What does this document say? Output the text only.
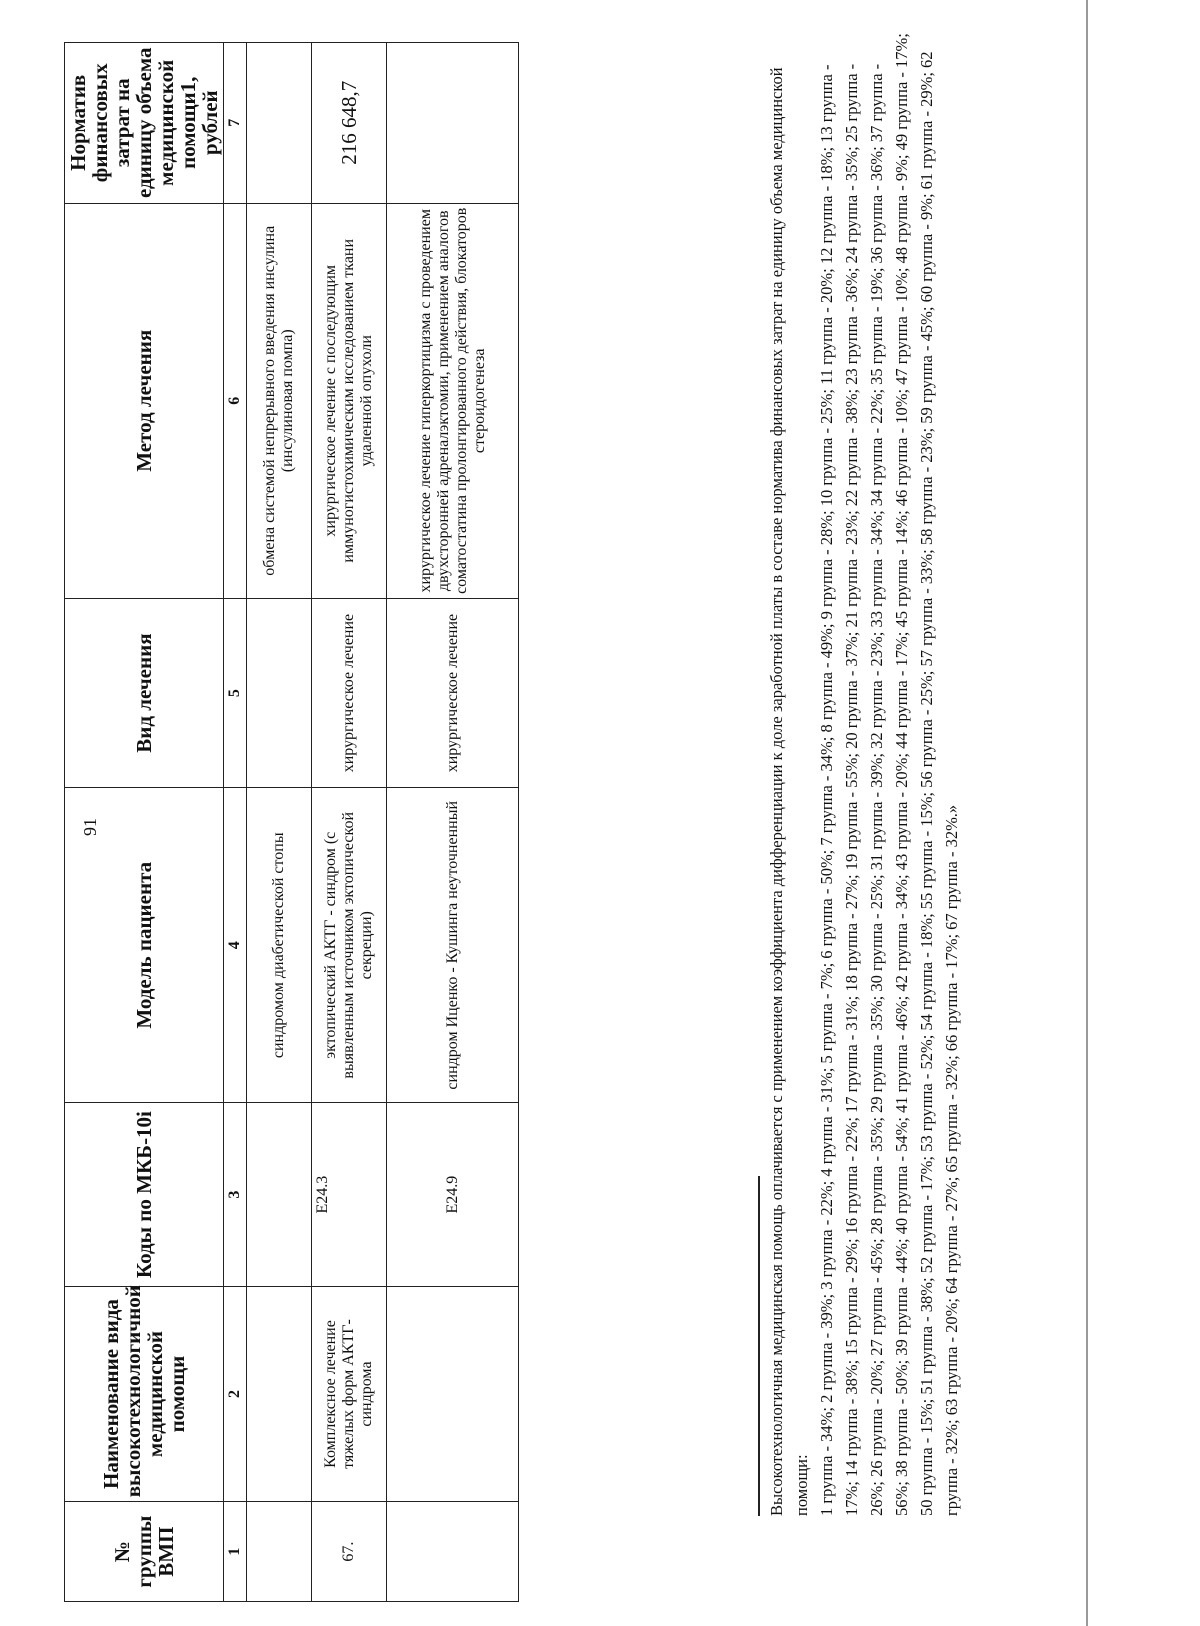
91
№ группы ВМП	Наименование вида высокотехнологичной медицинской помощи	Коды по МКБ-10i	Модель пациента	Вид лечения	Метод лечения	Норматив финансовых затрат на единицу объема медицинской помощи1, рублей
1	2	3	4	5	6	7
			синдромом диабетической стопы		обмена системой непрерывного введения инсулина (инсулиновая помпа)	
67.	Комплексное лечение тяжелых форм АКТГ-синдрома	E24.3	эктопический АКТГ - синдром (с выявленным источником эктопической секреции)	хирургическое лечение	хирургическое лечение с последующим иммуногистохимическим исследованием ткани удаленной опухоли	216 648,7
		E24.9	синдром Иценко - Кушинга неуточненный	хирургическое лечение	хирургическое лечение гиперкортицизма с проведением двухсторонней адреналэктомии, применением аналогов соматостатина пролонгированного действия, блокаторов стероидогенеза		Высокотехнологичная медицинская помощь оплачивается с применением коэффициента дифференциации к доле заработной платы в составе норматива финансовых затрат на единицу объема медицинской помощи: 1 группа - 34%; 2 группа - 39%; 3 группа - 22%; 4 группа - 31%; 5 группа - 7%; 6 группа - 50%; 7 группа - 34%; 8 группа - 49%; 9 группа - 28%; 10 группа - 25%; 11 группа - 20%; 12 группа - 18%; 13 группа - 17%; 14 группа - 38%; 15 группа - 29%; 16 группа - 22%; 17 группа - 31%; 18 группа - 27%; 19 группа - 55%; 20 группа - 37%; 21 группа - 23%; 22 группа - 38%; 23 группа - 36%; 24 группа - 35%; 25 группа - 26%; 26 группа - 20%; 27 группа - 45%; 28 группа - 35%; 29 группа - 35%; 30 группа - 25%; 31 группа - 39%; 32 группа - 23%; 33 группа - 34%; 34 группа - 22%; 35 группа - 19%; 36 группа - 36%; 37 группа - 56%; 38 группа - 50%; 39 группа - 44%; 40 группа - 54%; 41 группа - 46%; 42 группа - 34%; 43 группа - 20%; 44 группа - 17%; 45 группа - 14%; 46 группа - 10%; 47 группа - 10%; 48 группа - 9%; 49 группа - 17%; 50 группа - 15%; 51 группа - 38%; 52 группа - 17%; 53 группа - 52%; 54 группа - 18%; 55 группа - 15%; 56 группа - 25%; 57 группа - 33%; 58 группа - 23%; 59 группа - 45%; 60 группа - 9%; 61 группа - 29%; 62 группа - 32%; 63 группа - 20%; 64 группа - 27%; 65 группа - 32%; 66 группа - 17%; 67 группа - 32%.»
